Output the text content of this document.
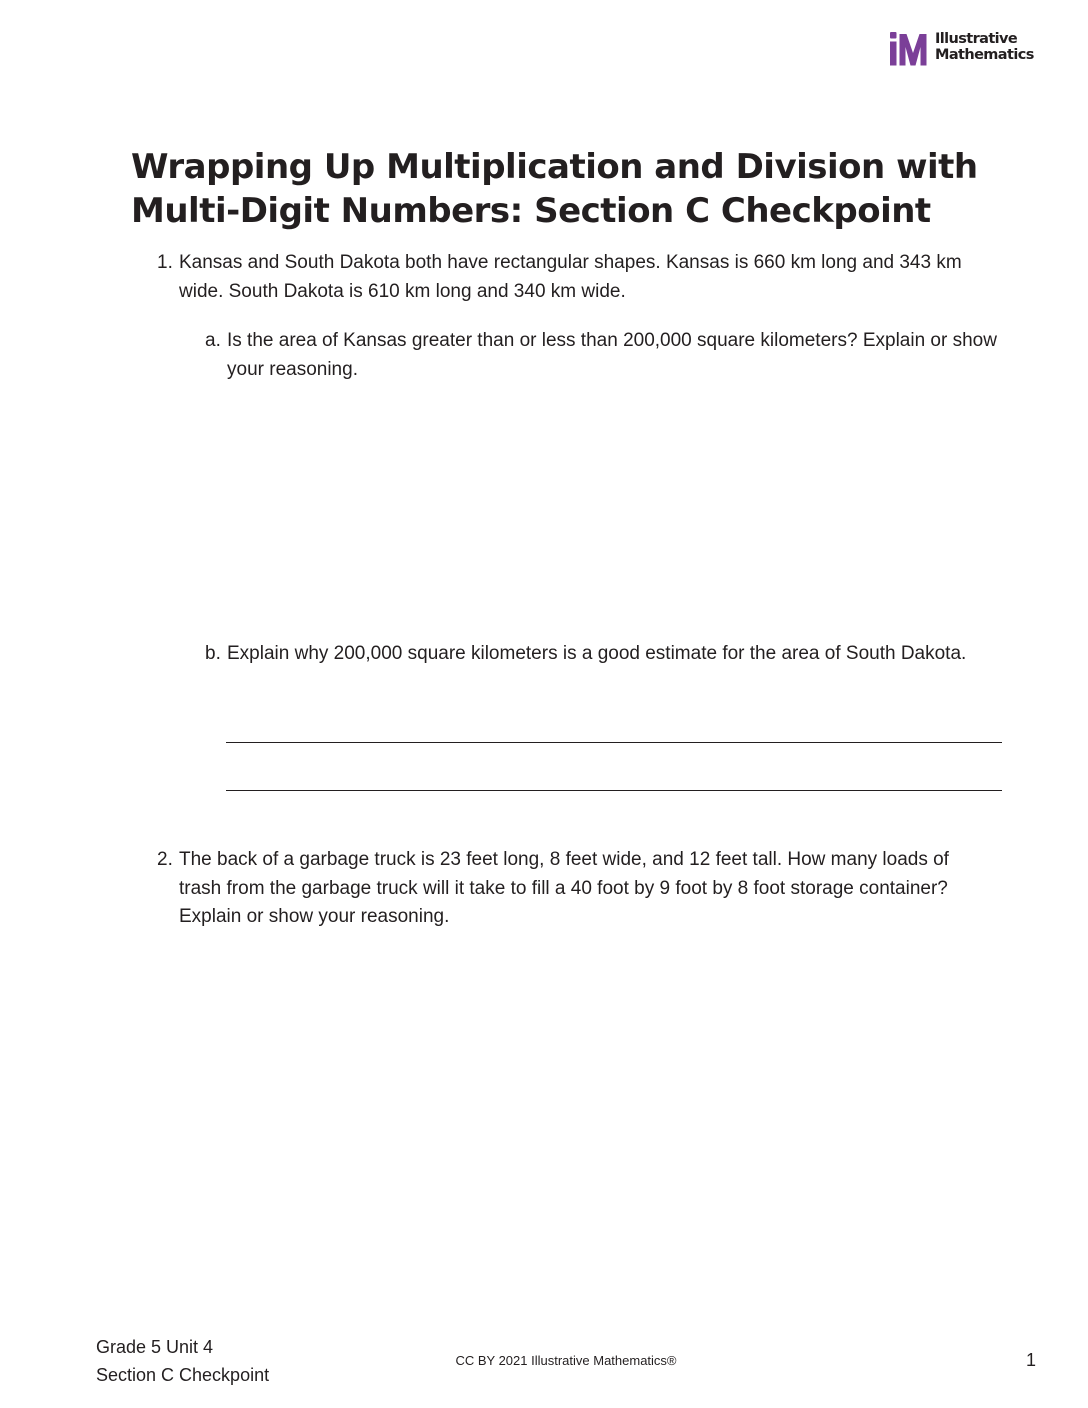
Illustrative
Mathematics
Wrapping Up Multiplication and Division with Multi-Digit Numbers: Section C Checkpoint
1. Kansas and South Dakota both have rectangular shapes. Kansas is 660 km long and 343 km wide. South Dakota is 610 km long and 340 km wide.
a. Is the area of Kansas greater than or less than 200,000 square kilometers? Explain or show your reasoning.
b. Explain why 200,000 square kilometers is a good estimate for the area of South Dakota.
2. The back of a garbage truck is 23 feet long, 8 feet wide, and 12 feet tall. How many loads of trash from the garbage truck will it take to fill a 40 foot by 9 foot by 8 foot storage container? Explain or show your reasoning.
Grade 5 Unit 4
Section C Checkpoint
CC BY 2021 Illustrative Mathematics®	1
